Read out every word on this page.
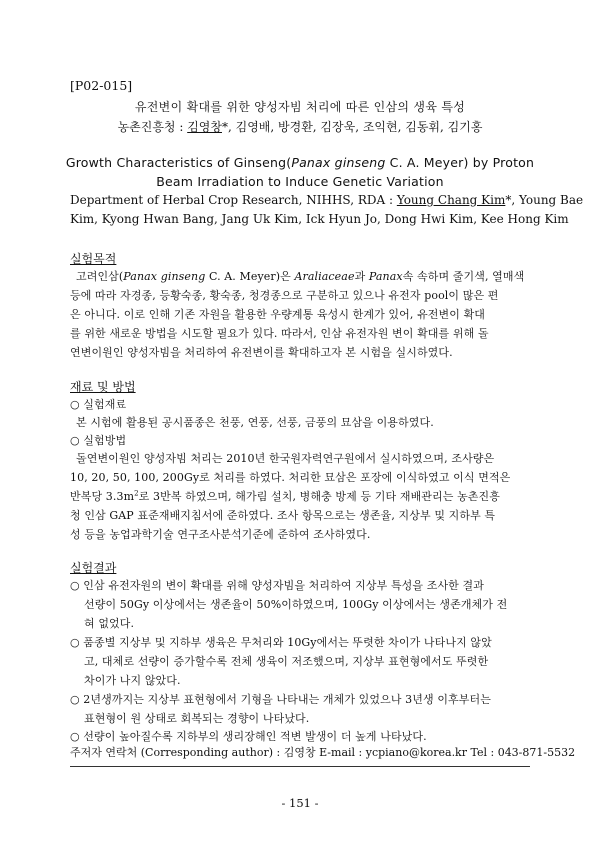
[P02-015]
유전변이 확대를 위한 양성자빔 처리에 따른 인삼의 생육 특성
농촌진흥청 : 김영창*, 김영배, 방경환, 김장욱, 조익현, 김동휘, 김기홍
Growth Characteristics of Ginseng(Panax ginseng C. A. Meyer) by Proton
Beam Irradiation to Induce Genetic Variation
Department of Herbal Crop Research, NIHHS, RDA : Young Chang Kim*, Young Bae
Kim, Kyong Hwan Bang, Jang Uk Kim, Ick Hyun Jo, Dong Hwi Kim, Kee Hong Kim
실험목적
고려인삼(Panax ginseng C. A. Meyer)은 Araliaceae과 Panax속 속하며 줄기색, 열매색
등에 따라 자경종, 등황숙종, 황숙종, 청경종으로 구분하고 있으나 유전자 pool이 많은 편
은 아니다. 이로 인해 기존 자원을 활용한 우량계통 육성시 한계가 있어, 유전변이 확대
를 위한 새로운 방법을 시도할 필요가 있다. 따라서, 인삼 유전자원 변이 확대를 위해 돌
연변이원인 양성자빔을 처리하여 유전변이를 확대하고자 본 시험을 실시하였다.
재료 및 방법
○ 실험재료
본 시험에 활용된 공시품종은 천풍, 연풍, 선풍, 금풍의 묘삼을 이용하였다.
○ 실험방법
돌연변이원인 양성자빔 처리는 2010년 한국원자력연구원에서 실시하였으며, 조사량은
10, 20, 50, 100, 200Gy로 처리를 하였다. 처리한 묘삼은 포장에 이식하였고 이식 면적은
반복당 $3.3m^2$로 3반복 하였으며, 해가림 설치, 병해충 방제 등 기타 재배관리는 농촌진흥
청 인삼 GAP 표준재배지침서에 준하였다. 조사 항목으로는 생존율, 지상부 및 지하부 특
성 등을 농업과학기술 연구조사분석기준에 준하여 조사하였다.
실험결과
○ 인삼 유전자원의 변이 확대를 위해 양성자빔을 처리하여 지상부 특성을 조사한 결과
선량이 50Gy 이상에서는 생존율이 50%이하였으며, 100Gy 이상에서는 생존개체가 전
혀 없었다.
○ 품종별 지상부 및 지하부 생육은 무처리와 10Gy에서는 뚜렷한 차이가 나타나지 않았
고, 대체로 선량이 증가할수록 전체 생육이 저조했으며, 지상부 표현형에서도 뚜렷한
차이가 나지 않았다.
○ 2년생까지는 지상부 표현형에서 기형을 나타내는 개체가 있었으나 3년생 이후부터는
표현형이 원 상태로 회복되는 경향이 나타났다.
○ 선량이 높아질수록 지하부의 생리장해인 적변 발생이 더 높게 나타났다.
주저자 연락처 (Corresponding author) : 김영창 E-mail : ycpiano@korea.kr Tel : 043-871-5532
- 151 -
